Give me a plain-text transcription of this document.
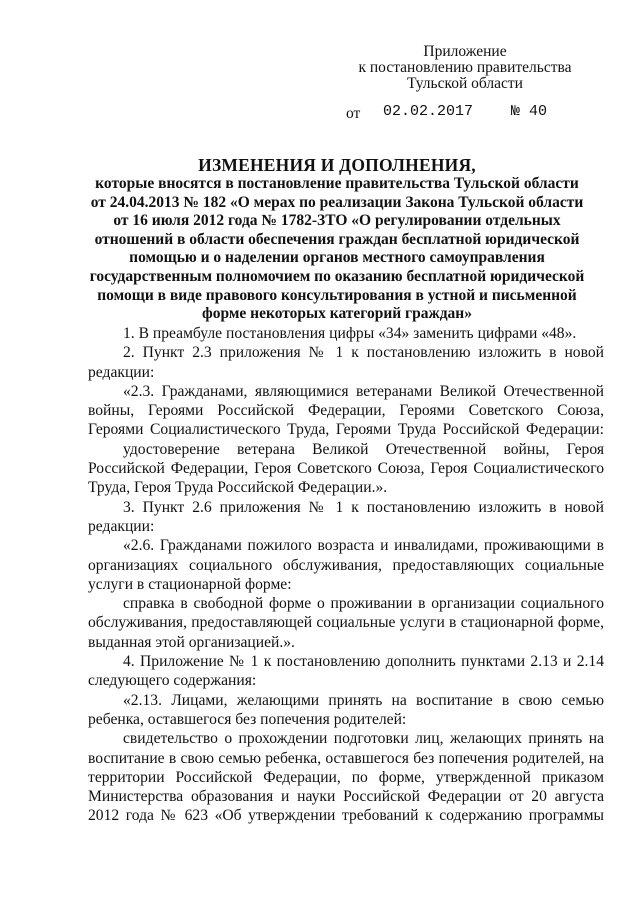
Приложение
к постановлению правительства
Тульской области
от 02.02.2017	№ 40
ИЗМЕНЕНИЯ И ДОПОЛНЕНИЯ,
которые вносятся в постановление правительства Тульской области
от 24.04.2013 № 182 «О мерах по реализации Закона Тульской области
от 16 июля 2012 года № 1782-ЗТО «О регулировании отдельных
отношений в области обеспечения граждан бесплатной юридической
помощью и о наделении органов местного самоуправления
государственным полномочием по оказанию бесплатной юридической
помощи в виде правового консультирования в устной и письменной
форме некоторых категорий граждан»
1. В преамбуле постановления цифры «34» заменить цифрами «48».
2. Пункт 2.3 приложения № 1 к постановлению изложить в новой
редакции:
«2.3. Гражданами, являющимися ветеранами Великой Отечественной
войны, Героями Российской Федерации, Героями Советского Союза,
Героями Социалистического Труда, Героями Труда Российской Федерации:
удостоверение ветерана Великой Отечественной войны, Героя
Российской Федерации, Героя Советского Союза, Героя Социалистического
Труда, Героя Труда Российской Федерации.».
3. Пункт 2.6 приложения № 1 к постановлению изложить в новой
редакции:
«2.6. Гражданами пожилого возраста и инвалидами, проживающими в
организациях социального обслуживания, предоставляющих социальные
услуги в стационарной форме:
справка в свободной форме о проживании в организации социального
обслуживания, предоставляющей социальные услуги в стационарной форме,
выданная этой организацией.».
4. Приложение № 1 к постановлению дополнить пунктами 2.13 и 2.14
следующего содержания:
«2.13. Лицами, желающими принять на воспитание в свою семью
ребенка, оставшегося без попечения родителей:
свидетельство о прохождении подготовки лиц, желающих принять на
воспитание в свою семью ребенка, оставшегося без попечения родителей, на
территории Российской Федерации, по форме, утвержденной приказом
Министерства образования и науки Российской Федерации от 20 августа
2012 года № 623 «Об утверждении требований к содержанию программы
